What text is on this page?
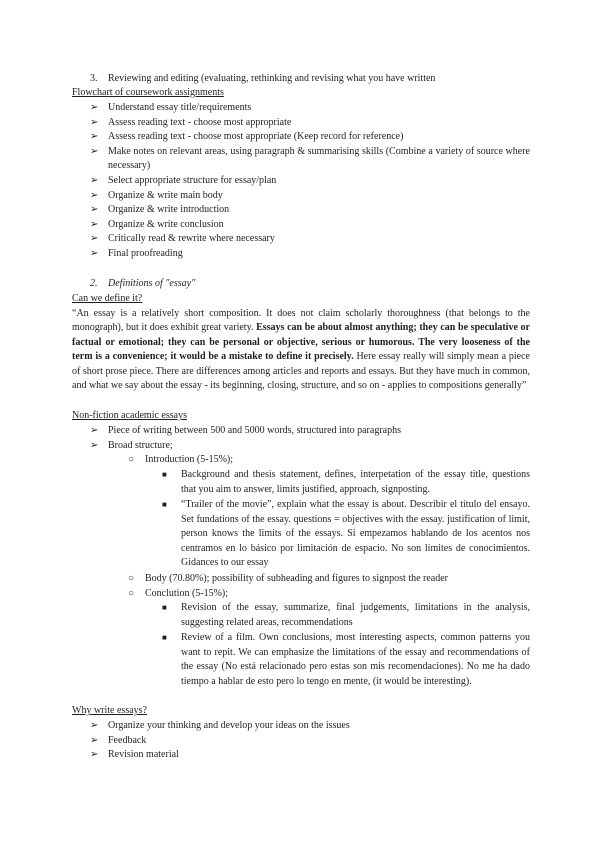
3. Reviewing and editing (evaluating, rethinking and revising what you have written
Flowchart of coursework assignments
➢ Understand essay title/requirements
➢ Assess reading text - choose most appropriate
➢ Assess reading text - choose most appropriate (Keep record for reference)
➢ Make notes on relevant areas, using paragraph & summarising skills (Combine a variety of source where necessary)
➢ Select appropriate structure for essay/plan
➢ Organize & write main body
➢ Organize & write introduction
➢ Organize & write conclusion
➢ Critically read & rewrite where necessary
➢ Final proofreading
2. Definitions of "essay"
Can we define it?
“An essay is a relatively short composition. It does not claim scholarly thoroughness (that belongs to the monograph), but it does exhibit great variety. Essays can be about almost anything; they can be speculative or factual or emotional; they can be personal or objective, serious or humorous. The very looseness of the term is a convenience; it would be a mistake to define it precisely. Here essay really will simply mean a piece of short prose piece. There are differences among articles and reports and essays. But they have much in common, and what we say about the essay - its beginning, closing, structure, and so on - applies to compositions generally”
Non-fiction academic essays
➢ Piece of writing between 500 and 5000 words, structured into paragraphs
➢ Broad structure;
○ Introduction (5-15%);
■ Background and thesis statement, defines, interpetation of the essay title, questions that you aim to answer, limits justified, approach, signposting.
■ “Trailer of the movie”, explain what the essay is about. Describir el título del ensayo. Set fundations of the essay. questions = objectives with the essay. justification of limit, person knows the limits of the essays. Si empezamos hablando de los acentos nos centramos en lo básico por limitación de espacio. No son límites de conocimientos. Gidances to our essay
○ Body (70.80%); possibility of subheading and figures to signpost the reader
○ Conclution (5-15%);
■ Revision of the essay, summarize, final judgements, limitations in the analysis, suggesting related areas, recommendations
■ Review of a film. Own conclusions, most interesting aspects, common patterns you want to repit. We can emphasize the limitations of the essay and recommendations of the essay (No está relacionado pero estas son mis recomendaciones). No me ha dado tiempo a hablar de esto pero lo tengo en mente, (it would be interesting).
Why write essays?
➢ Organize your thinking and develop your ideas on the issues
➢ Feedback
➢ Revision material
